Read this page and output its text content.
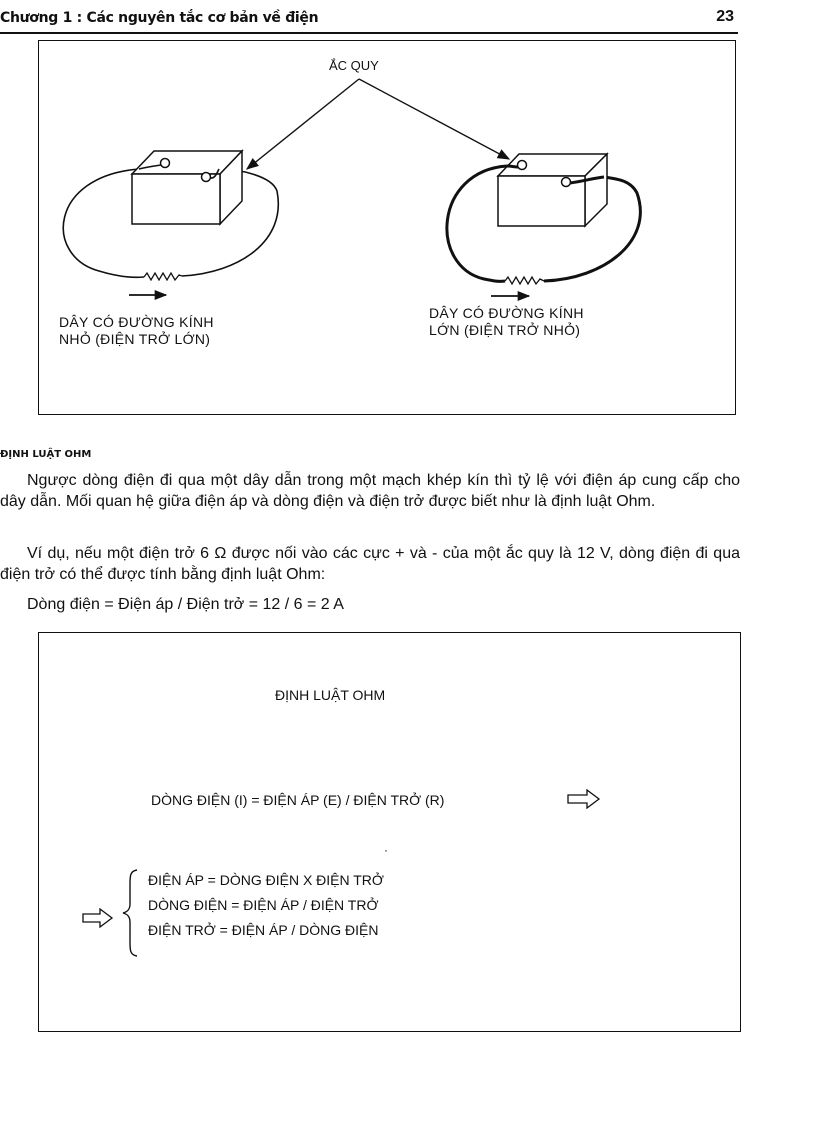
Chương 1 : Các nguyên tắc cơ bản về điện	23
ẮC QUY
DÂY CÓ ĐƯỜNG KÍNH
NHỎ (ĐIỆN TRỞ LỚN)
DÂY CÓ ĐƯỜNG KÍNH
LỚN (ĐIỆN TRỞ NHỎ)
ĐỊNH LUẬT OHM

Ngược dòng điện đi qua một dây dẫn trong một mạch khép kín thì tỷ lệ với điện áp cung cấp cho dây dẫn. Mối quan hệ giữa điện áp và dòng điện và điện trở được biết như là định luật Ohm.

Ví dụ, nếu một điện trở 6 Ω được nối vào các cực + và - của một ắc quy là 12 V, dòng điện đi qua điện trở có thể được tính bằng định luật Ohm:

Dòng điện = Điện áp / Điện trở = 12 / 6 = 2 A

ĐỊNH LUẬT OHM
DÒNG ĐIỆN (I) = ĐIỆN ÁP (E) / ĐIỆN TRỞ (R)
·
ĐIỆN ÁP = DÒNG ĐIỆN X ĐIỆN TRỞ
DÒNG ĐIỆN = ĐIỆN ÁP / ĐIỆN TRỞ
ĐIỆN TRỞ = ĐIỆN ÁP / DÒNG ĐIỆN
